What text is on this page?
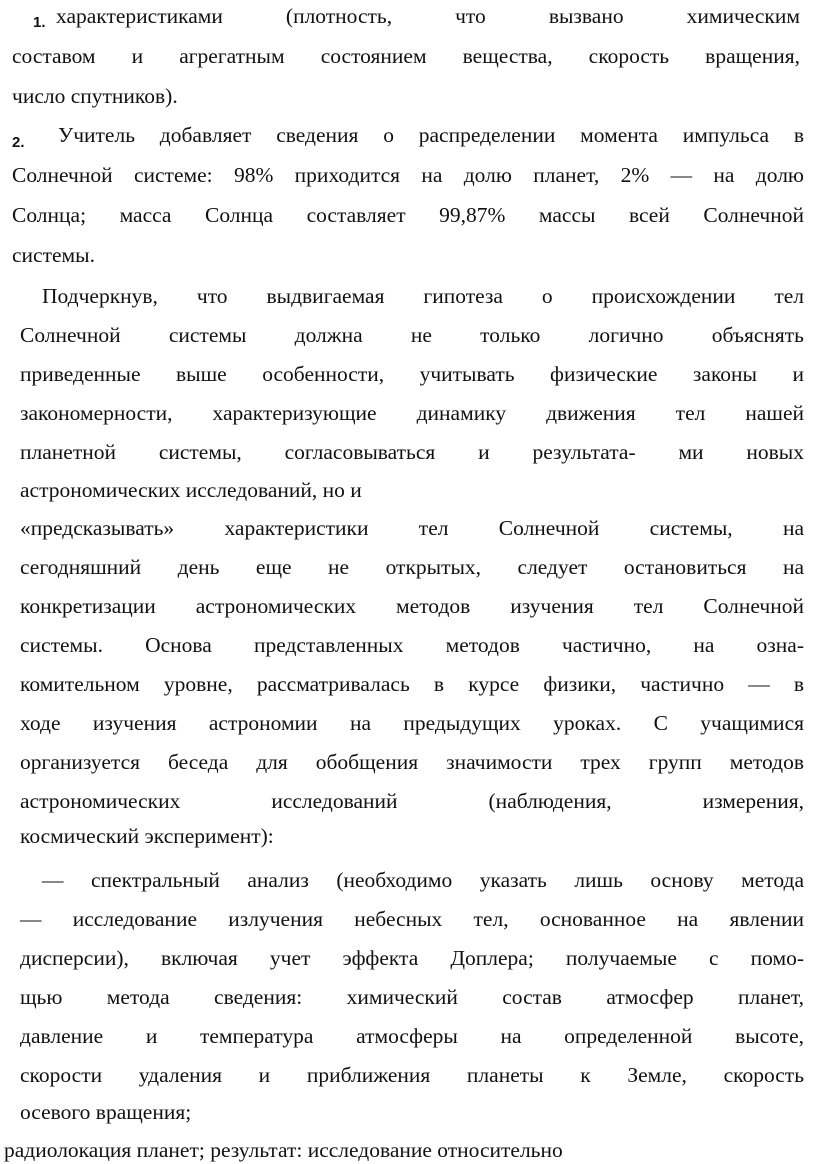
1. характеристиками (плотность, что вызвано химическим
составом и агрегатным состоянием вещества, скорость вращения,
число спутников).
2. Учитель добавляет сведения о распределении момента импульса в
Солнечной системе: 98% приходится на долю планет, 2% — на долю
Солнца; масса Солнца составляет 99,87% массы всей Солнечной
системы.
Подчеркнув, что выдвигаемая гипотеза о происхождении тел
Солнечной системы должна не только логично объяснять
приведенные выше особенности, учитывать физические законы и
закономерности, характеризующие динамику движения тел нашей
планетной системы, согласовываться и результата- ми новых
астрономических исследований, но и
«предсказывать» характеристики тел Солнечной системы, на
сегодняшний день еще не открытых, следует остановиться на
конкретизации астрономических методов изучения тел Солнечной
системы. Основа представленных методов частично, на озна-
комительном уровне, рассматривалась в курсе физики, частично — в
ходе изучения астрономии на предыдущих уроках. С учащимися
организуется беседа для обобщения значимости трех групп методов
астрономических исследований (наблюдения, измерения,
космический эксперимент):
— спектральный анализ (необходимо указать лишь основу метода
— исследование излучения небесных тел, основанное на явлении
дисперсии), включая учет эффекта Доплера; получаемые с помо-
щью метода сведения: химический состав атмосфер планет,
давление и температура атмосферы на определенной высоте,
скорости удаления и приближения планеты к Земле, скорость
осевого вращения;
радиолокация планет; результат: исследование относительно
